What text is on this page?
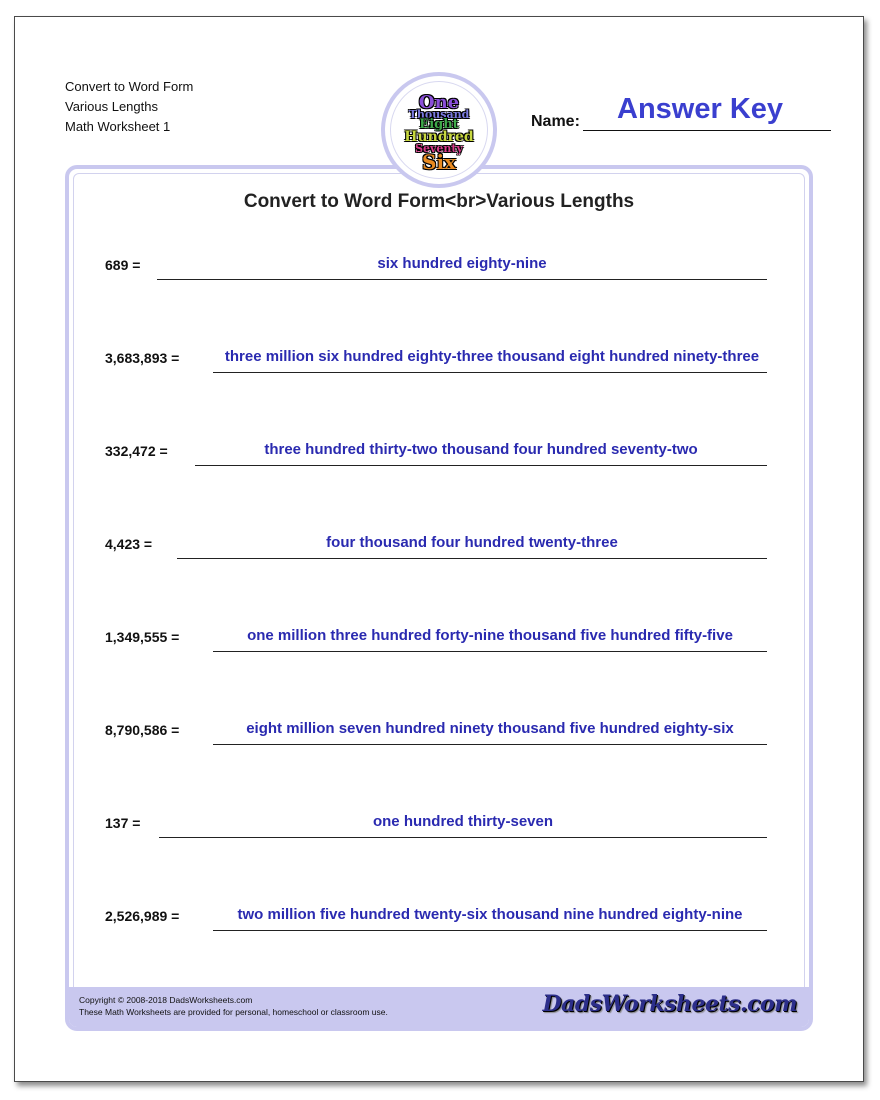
Convert to Word Form
Various Lengths
Math Worksheet 1
One
Thousand
Eight
Hundred
Seventy
Six
Name: Answer Key
Convert to Word Form<br>Various Lengths
689 =	six hundred eighty-nine
3,683,893 =	three million six hundred eighty-three thousand eight hundred ninety-three
332,472 =	three hundred thirty-two thousand four hundred seventy-two
4,423 =	four thousand four hundred twenty-three
1,349,555 =	one million three hundred forty-nine thousand five hundred fifty-five
8,790,586 =	eight million seven hundred ninety thousand five hundred eighty-six
137 =	one hundred thirty-seven
2,526,989 =	two million five hundred twenty-six thousand nine hundred eighty-nine
Copyright © 2008-2018 DadsWorksheets.com
These Math Worksheets are provided for personal, homeschool or classroom use.	DadsWorksheets.com
